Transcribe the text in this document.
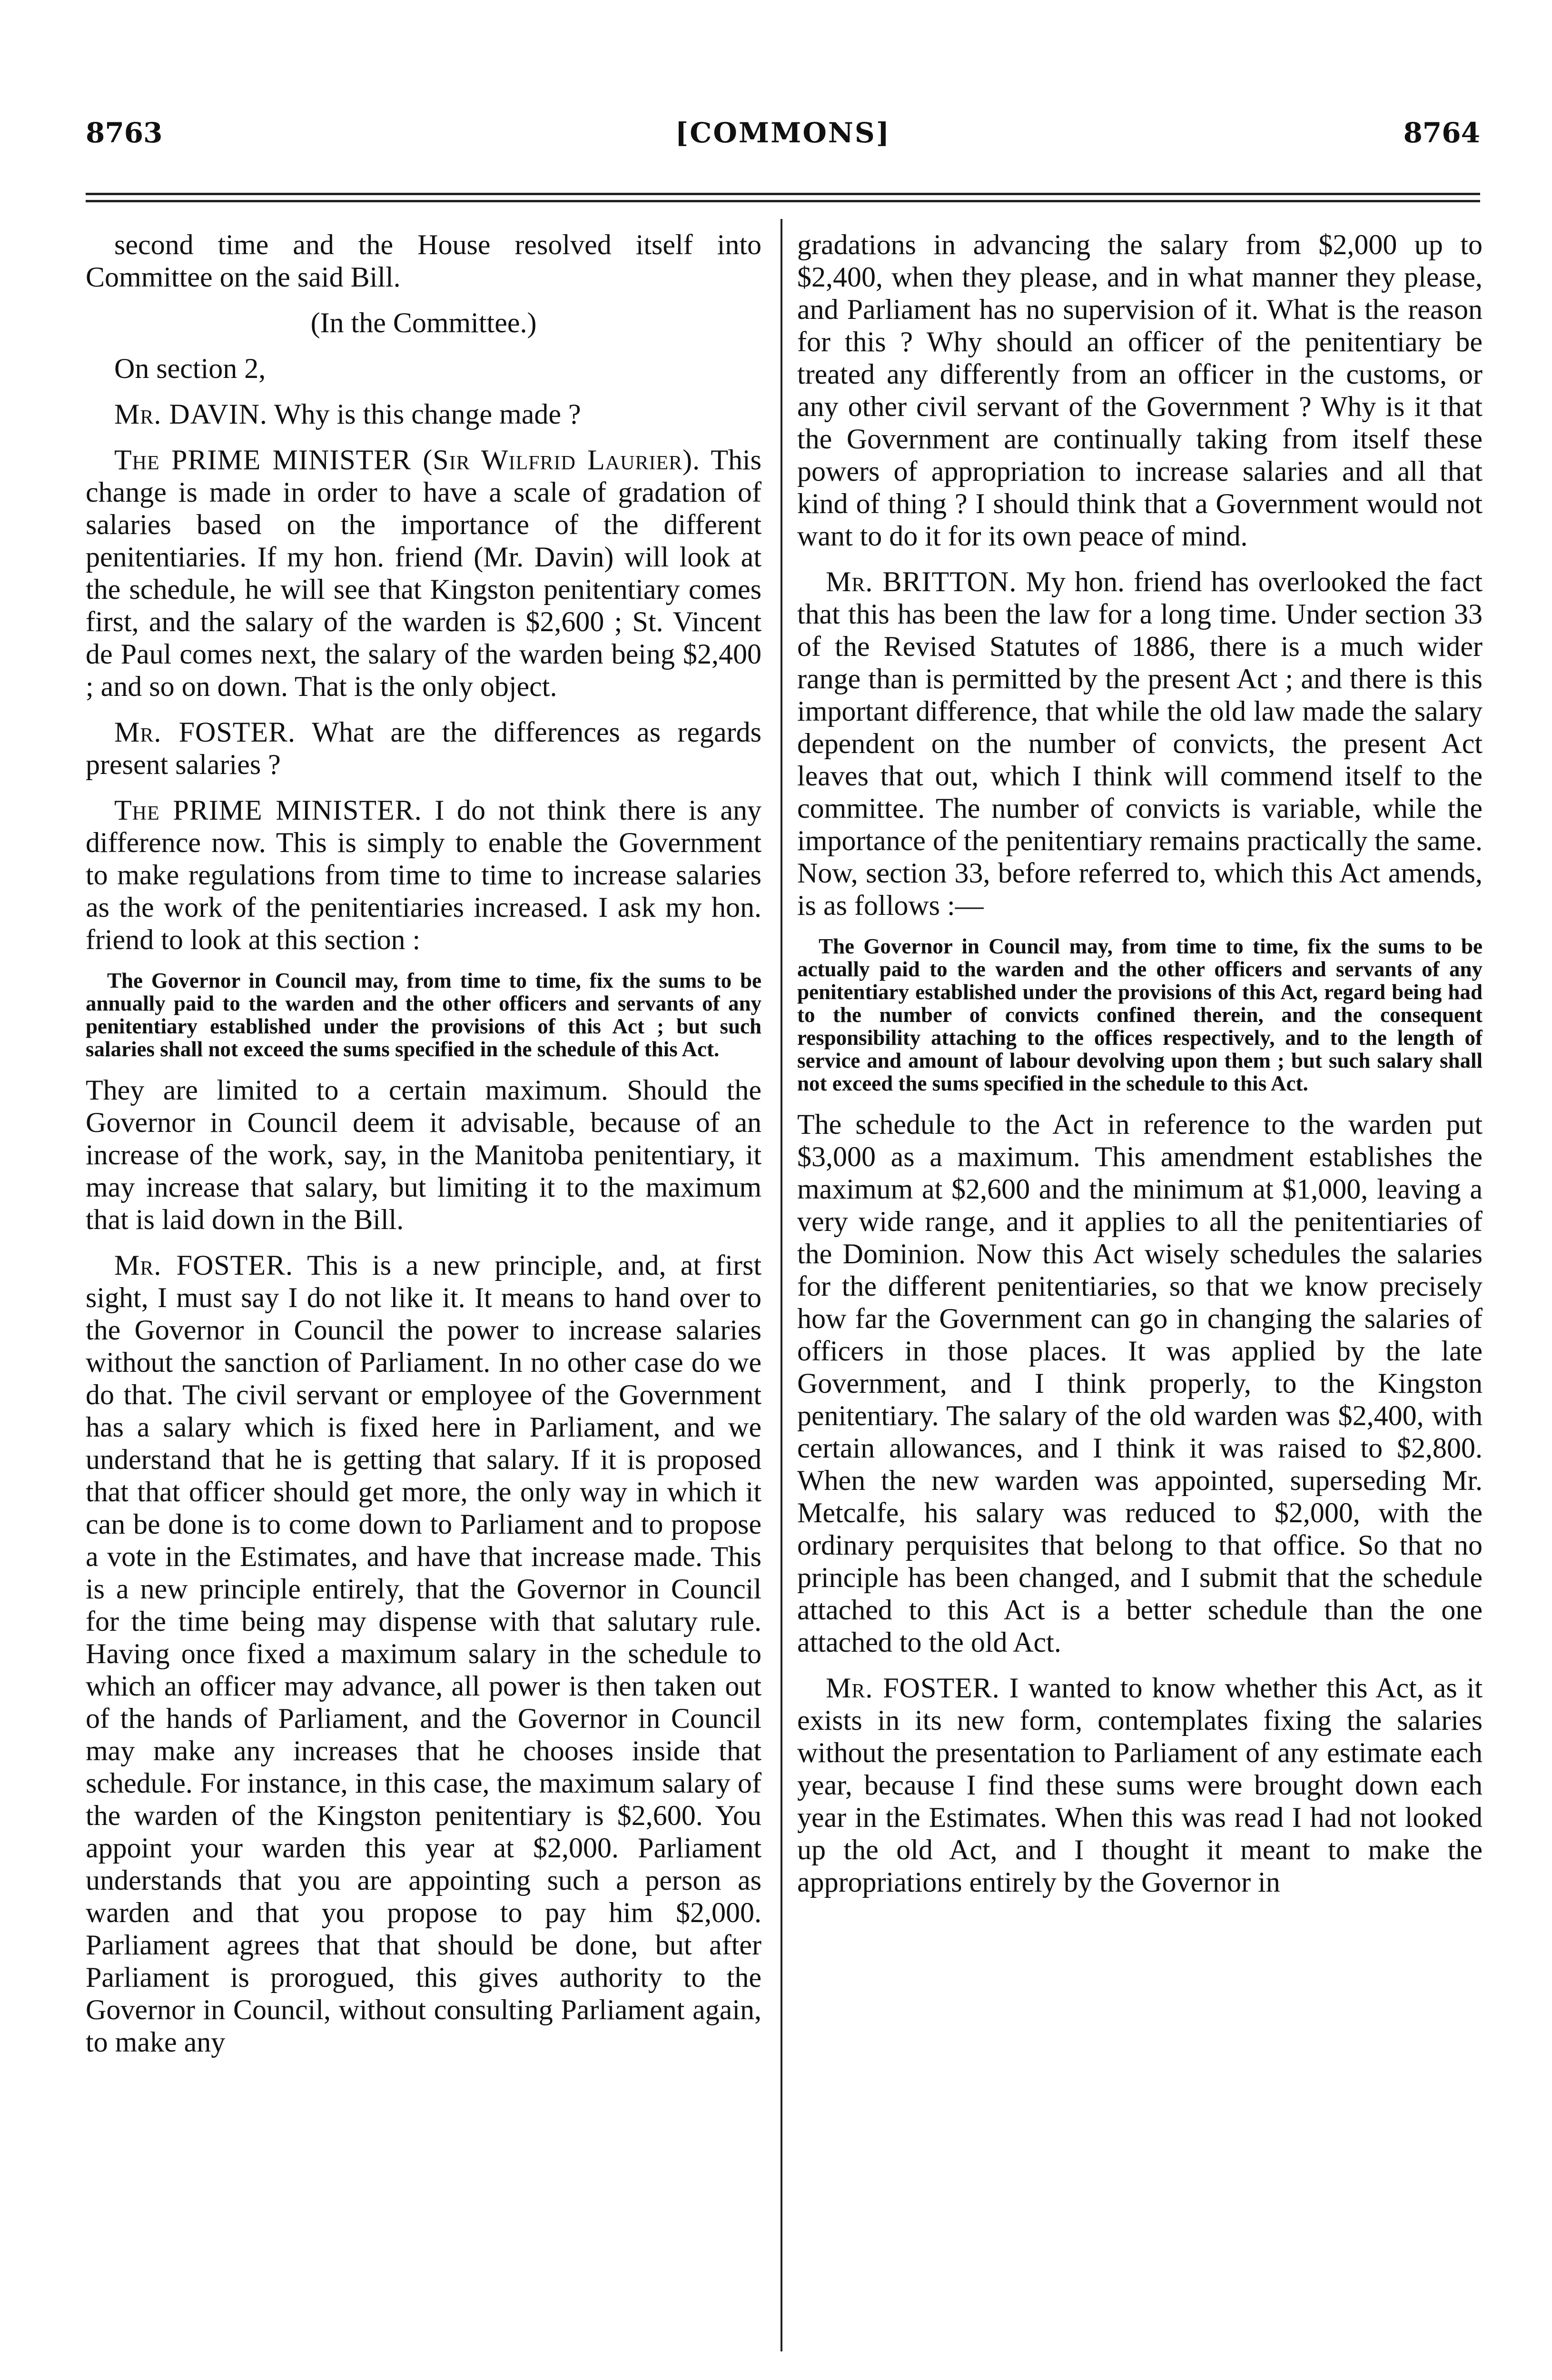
8763	[COMMONS]	8764

second time and the House resolved itself into Committee on the said Bill.

(In the Committee.)

On section 2,

Mr. DAVIN. Why is this change made ?

The PRIME MINISTER (Sir Wilfrid Laurier). This change is made in order to have a scale of gradation of salaries based on the importance of the different penitentiaries. If my hon. friend (Mr. Davin) will look at the schedule, he will see that Kingston penitentiary comes first, and the salary of the warden is $2,600 ; St. Vincent de Paul comes next, the salary of the warden being $2,400 ; and so on down. That is the only object.

Mr. FOSTER. What are the differences as regards present salaries ?

The PRIME MINISTER. I do not think there is any difference now. This is simply to enable the Government to make regulations from time to time to increase salaries as the work of the penitentiaries increased. I ask my hon. friend to look at this section :

The Governor in Council may, from time to time, fix the sums to be annually paid to the warden and the other officers and servants of any penitentiary established under the provisions of this Act ; but such salaries shall not exceed the sums specified in the schedule of this Act.

They are limited to a certain maximum. Should the Governor in Council deem it advisable, because of an increase of the work, say, in the Manitoba penitentiary, it may increase that salary, but limiting it to the maximum that is laid down in the Bill.

Mr. FOSTER. This is a new principle, and, at first sight, I must say I do not like it. It means to hand over to the Governor in Council the power to increase salaries without the sanction of Parliament. In no other case do we do that. The civil servant or employee of the Government has a salary which is fixed here in Parliament, and we understand that he is getting that salary. If it is proposed that that officer should get more, the only way in which it can be done is to come down to Parliament and to propose a vote in the Estimates, and have that increase made. This is a new principle entirely, that the Governor in Council for the time being may dispense with that salutary rule. Having once fixed a maximum salary in the schedule to which an officer may advance, all power is then taken out of the hands of Parliament, and the Governor in Council may make any increases that he chooses inside that schedule. For instance, in this case, the maximum salary of the warden of the Kingston penitentiary is $2,600. You appoint your warden this year at $2,000. Parliament understands that you are appointing such a person as warden and that you propose to pay him $2,000. Parliament agrees that that should be done, but after Parliament is prorogued, this gives authority to the Governor in Council, without consulting Parliament again, to make any

gradations in advancing the salary from $2,000 up to $2,400, when they please, and in what manner they please, and Parliament has no supervision of it. What is the reason for this ? Why should an officer of the penitentiary be treated any differently from an officer in the customs, or any other civil servant of the Government ? Why is it that the Government are continually taking from itself these powers of appropriation to increase salaries and all that kind of thing ? I should think that a Government would not want to do it for its own peace of mind.

Mr. BRITTON. My hon. friend has overlooked the fact that this has been the law for a long time. Under section 33 of the Revised Statutes of 1886, there is a much wider range than is permitted by the present Act ; and there is this important difference, that while the old law made the salary dependent on the number of convicts, the present Act leaves that out, which I think will commend itself to the committee. The number of convicts is variable, while the importance of the penitentiary remains practically the same. Now, section 33, before referred to, which this Act amends, is as follows :—

The Governor in Council may, from time to time, fix the sums to be actually paid to the warden and the other officers and servants of any penitentiary established under the provisions of this Act, regard being had to the number of convicts confined therein, and the consequent responsibility attaching to the offices respectively, and to the length of service and amount of labour devolving upon them ; but such salary shall not exceed the sums specified in the schedule to this Act.

The schedule to the Act in reference to the warden put $3,000 as a maximum. This amendment establishes the maximum at $2,600 and the minimum at $1,000, leaving a very wide range, and it applies to all the penitentiaries of the Dominion. Now this Act wisely schedules the salaries for the different penitentiaries, so that we know precisely how far the Government can go in changing the salaries of officers in those places. It was applied by the late Government, and I think properly, to the Kingston penitentiary. The salary of the old warden was $2,400, with certain allowances, and I think it was raised to $2,800. When the new warden was appointed, superseding Mr. Metcalfe, his salary was reduced to $2,000, with the ordinary perquisites that belong to that office. So that no principle has been changed, and I submit that the schedule attached to this Act is a better schedule than the one attached to the old Act.

Mr. FOSTER. I wanted to know whether this Act, as it exists in its new form, contemplates fixing the salaries without the presentation to Parliament of any estimate each year, because I find these sums were brought down each year in the Estimates. When this was read I had not looked up the old Act, and I thought it meant to make the appropriations entirely by the Governor in
